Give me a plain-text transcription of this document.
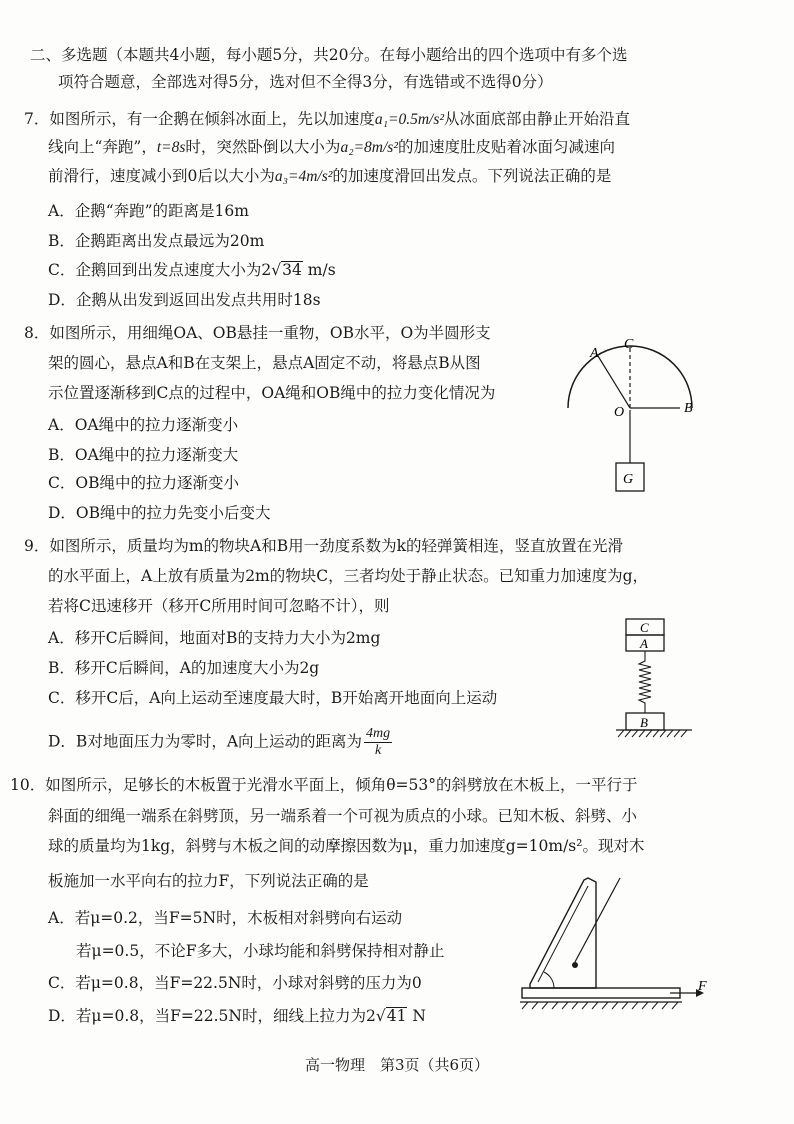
二、多选题（本题共4小题，每小题5分，共20分。在每小题给出的四个选项中有多个选
项符合题意，全部选对得5分，选对但不全得3分，有选错或不选得0分）
7．如图所示，有一企鹅在倾斜冰面上，先以加速度a₁=0.5m/s²从冰面底部由静止开始沿直
线向上“奔跑”，t=8s时，突然卧倒以大小为a₂=8m/s²的加速度肚皮贴着冰面匀减速向
前滑行，速度减小到0后以大小为a₃=4m/s²的加速度滑回出发点。下列说法正确的是
A．企鹅“奔跑”的距离是16m
B．企鹅距离出发点最远为20m
C．企鹅回到出发点速度大小为2√34 m/s
D．企鹅从出发到返回出发点共用时18s
8．如图所示，用细绳OA、OB悬挂一重物，OB水平，O为半圆形支
架的圆心，悬点A和B在支架上，悬点A固定不动，将悬点B从图
示位置逐渐移到C点的过程中，OA绳和OB绳中的拉力变化情况为
A．OA绳中的拉力逐渐变小
B．OA绳中的拉力逐渐变大
C．OB绳中的拉力逐渐变小
D．OB绳中的拉力先变小后变大
A
C
O	B
G
9．如图所示，质量均为m的物块A和B用一劲度系数为k的轻弹簧相连，竖直放置在光滑
的水平面上，A上放有质量为2m的物块C，三者均处于静止状态。已知重力加速度为g，
若将C迅速移开（移开C所用时间可忽略不计），则
A．移开C后瞬间，地面对B的支持力大小为2mg
B．移开C后瞬间，A的加速度大小为2g
C．移开C后，A向上运动至速度最大时，B开始离开地面向上运动
D．B对地面压力为零时，A向上运动的距离为 $\frac{4mg}{k}$
C
A
B
10．如图所示，足够长的木板置于光滑水平面上，倾角θ=53°的斜劈放在木板上，一平行于
斜面的细绳一端系在斜劈顶，另一端系着一个可视为质点的小球。已知木板、斜劈、小
球的质量均为1kg，斜劈与木板之间的动摩擦因数为μ，重力加速度g=10m/s²。现对木
板施加一水平向右的拉力F，下列说法正确的是
A．若μ=0.2，当F=5N时，木板相对斜劈向右运动
若μ=0.5，不论F多大，小球均能和斜劈保持相对静止
C．若μ=0.8，当F=22.5N时，小球对斜劈的压力为0
D．若μ=0.8，当F=22.5N时，细线上拉力为2√41 N
F
高一物理　第3页（共6页）
